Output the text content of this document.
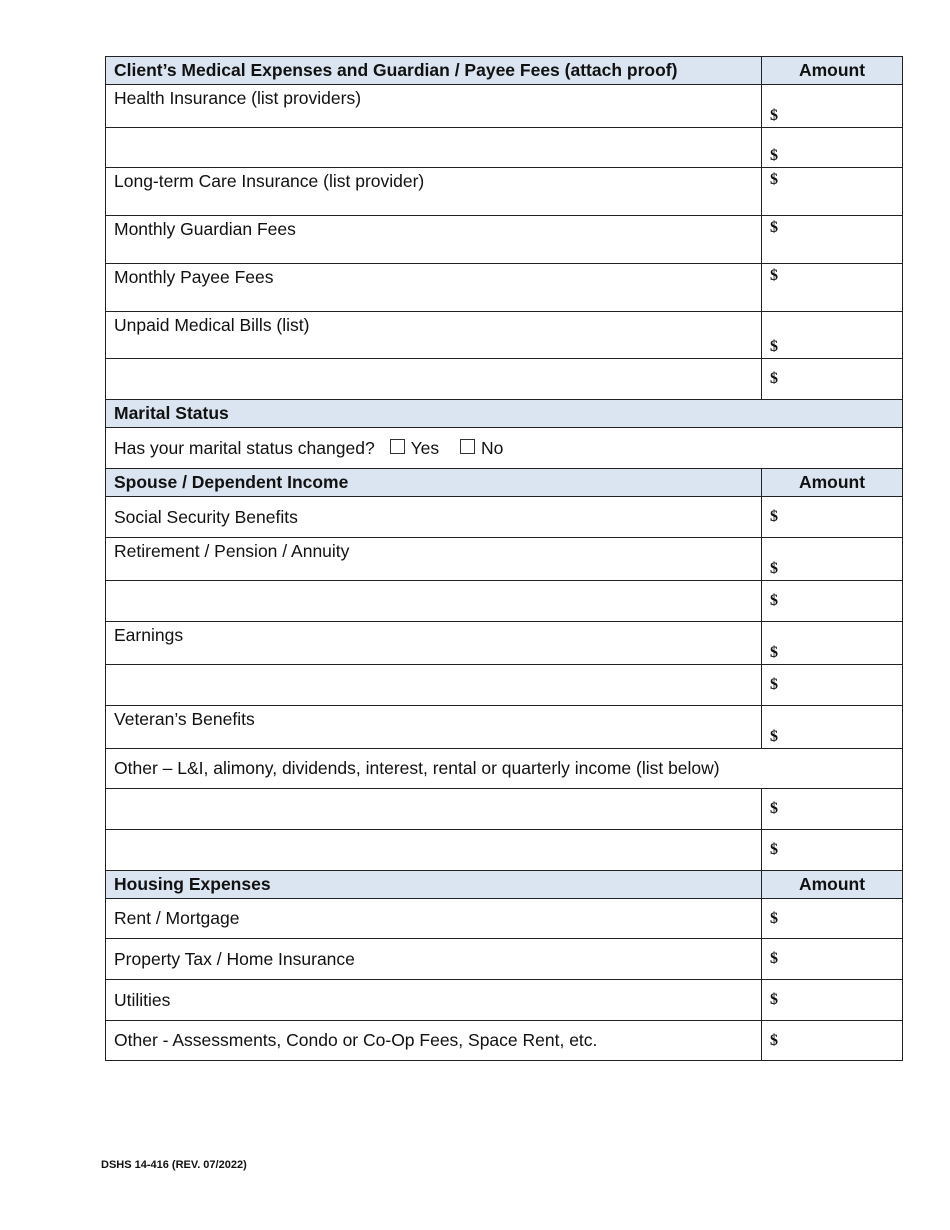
Client’s Medical Expenses and Guardian / Payee Fees (attach proof)	Amount

Health Insurance (list providers)	$

	$

Long-term Care Insurance (list provider)	$

Monthly Guardian Fees	$

Monthly Payee Fees	$

Unpaid Medical Bills (list)	$

	$

Marital Status	
Has your marital status changed? Yes No	
Spouse / Dependent Income	Amount
Social Security Benefits	$

Retirement / Pension / Annuity	$

	$

Earnings	$

	$

Veteran’s Benefits	$

Other – L&I, alimony, dividends, interest, rental or quarterly income (list below)	

	$

	$

Housing Expenses	Amount
Rent / Mortgage	$

Property Tax / Home Insurance	$

Utilities	$

Other - Assessments, Condo or Co-Op Fees, Space Rent, etc.	$
DSHS 14-416 (REV. 07/2022)
